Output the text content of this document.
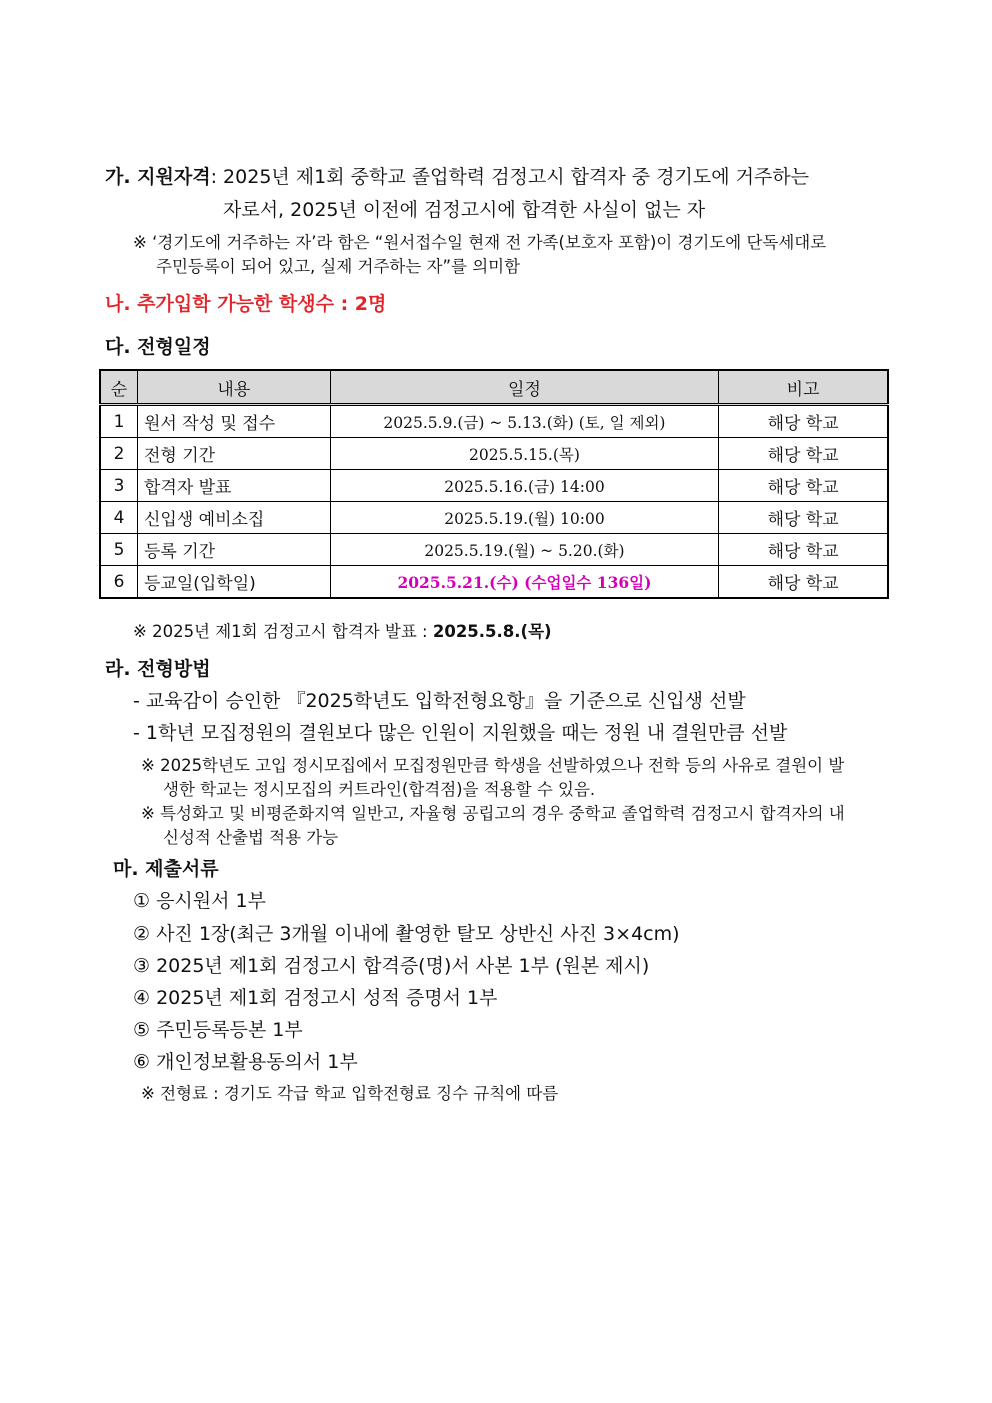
가. 지원자격: 2025년 제1회 중학교 졸업학력 검정고시 합격자 중 경기도에 거주하는
자로서, 2025년 이전에 검정고시에 합격한 사실이 없는 자
※ ‘경기도에 거주하는 자’라 함은 “원서접수일 현재 전 가족(보호자 포함)이 경기도에 단독세대로
주민등록이 되어 있고, 실제 거주하는 자”를 의미함
나. 추가입학 가능한 학생수 : 2명
다. 전형일정
순	내용	일정	비고
1	원서 작성 및 접수	2025.5.9.(금) ~ 5.13.(화) (토, 일 제외)	해당 학교
2	전형 기간	2025.5.15.(목)	해당 학교
3	합격자 발표	2025.5.16.(금) 14:00	해당 학교
4	신입생 예비소집	2025.5.19.(월) 10:00	해당 학교
5	등록 기간	2025.5.19.(월) ~ 5.20.(화)	해당 학교
6	등교일(입학일)	2025.5.21.(수) (수업일수 136일)	해당 학교
※ 2025년 제1회 검정고시 합격자 발표 : 2025.5.8.(목)
라. 전형방법
- 교육감이 승인한 『2025학년도 입학전형요항』을 기준으로 신입생 선발
- 1학년 모집정원의 결원보다 많은 인원이 지원했을 때는 정원 내 결원만큼 선발
※ 2025학년도 고입 정시모집에서 모집정원만큼 학생을 선발하였으나 전학 등의 사유로 결원이 발
생한 학교는 정시모집의 커트라인(합격점)을 적용할 수 있음.
※ 특성화고 및 비평준화지역 일반고, 자율형 공립고의 경우 중학교 졸업학력 검정고시 합격자의 내
신성적 산출법 적용 가능
마. 제출서류
① 응시원서 1부
② 사진 1장(최근 3개월 이내에 촬영한 탈모 상반신 사진 3×4cm)
③ 2025년 제1회 검정고시 합격증(명)서 사본 1부 (원본 제시)
④ 2025년 제1회 검정고시 성적 증명서 1부
⑤ 주민등록등본 1부
⑥ 개인정보활용동의서 1부
※ 전형료 : 경기도 각급 학교 입학전형료 징수 규칙에 따름
